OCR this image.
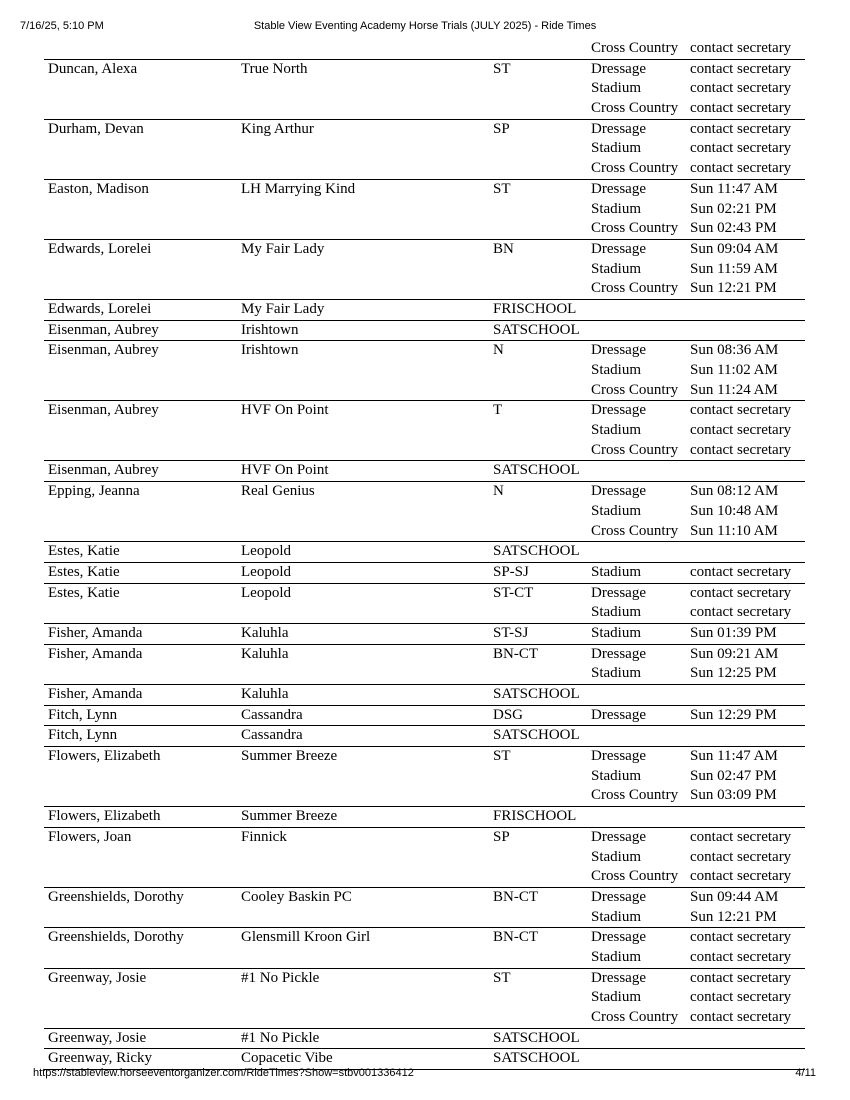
7/16/25, 5:10 PM	Stable View Eventing Academy Horse Trials (JULY 2025) - Ride Times
Cross Country contact secretary
Duncan, Alexa	True North	ST	Dressage	contact secretary
Stadium	contact secretary
Cross Country contact secretary
Durham, Devan	King Arthur	SP	Dressage	contact secretary
Stadium	contact secretary
Cross Country contact secretary
Easton, Madison	LH Marrying Kind	ST	Dressage	Sun 11:47 AM
Stadium	Sun 02:21 PM
Cross Country Sun 02:43 PM
Edwards, Lorelei	My Fair Lady	BN	Dressage	Sun 09:04 AM
Stadium	Sun 11:59 AM
Cross Country Sun 12:21 PM
Edwards, Lorelei	My Fair Lady	FRISCHOOL
Eisenman, Aubrey	Irishtown	SATSCHOOL
Eisenman, Aubrey	Irishtown	N	Dressage	Sun 08:36 AM
Stadium	Sun 11:02 AM
Cross Country Sun 11:24 AM
Eisenman, Aubrey	HVF On Point	T	Dressage	contact secretary
Stadium	contact secretary
Cross Country contact secretary
Eisenman, Aubrey	HVF On Point	SATSCHOOL
Epping, Jeanna	Real Genius	N	Dressage	Sun 08:12 AM
Stadium	Sun 10:48 AM
Cross Country Sun 11:10 AM
Estes, Katie	Leopold	SATSCHOOL
Estes, Katie	Leopold	SP-SJ	Stadium	contact secretary
Estes, Katie	Leopold	ST-CT	Dressage	contact secretary
Stadium	contact secretary
Fisher, Amanda	Kaluhla	ST-SJ	Stadium	Sun 01:39 PM
Fisher, Amanda	Kaluhla	BN-CT	Dressage	Sun 09:21 AM
Stadium	Sun 12:25 PM
Fisher, Amanda	Kaluhla	SATSCHOOL
Fitch, Lynn	Cassandra	DSG	Dressage	Sun 12:29 PM
Fitch, Lynn	Cassandra	SATSCHOOL
Flowers, Elizabeth	Summer Breeze	ST	Dressage	Sun 11:47 AM
Stadium	Sun 02:47 PM
Cross Country Sun 03:09 PM
Flowers, Elizabeth	Summer Breeze	FRISCHOOL
Flowers, Joan	Finnick	SP	Dressage	contact secretary
Stadium	contact secretary
Cross Country contact secretary
Greenshields, Dorothy	Cooley Baskin PC	BN-CT	Dressage	Sun 09:44 AM
Stadium	Sun 12:21 PM
Greenshields, Dorothy	Glensmill Kroon Girl	BN-CT	Dressage	contact secretary
Stadium	contact secretary
Greenway, Josie	#1 No Pickle	ST	Dressage	contact secretary
Stadium	contact secretary
Cross Country contact secretary
Greenway, Josie	#1 No Pickle	SATSCHOOL
Greenway, Ricky	Copacetic Vibe	SATSCHOOL
https://stableview.horseeventorganizer.com/RideTimes?Show=stbv001336412	4/11
